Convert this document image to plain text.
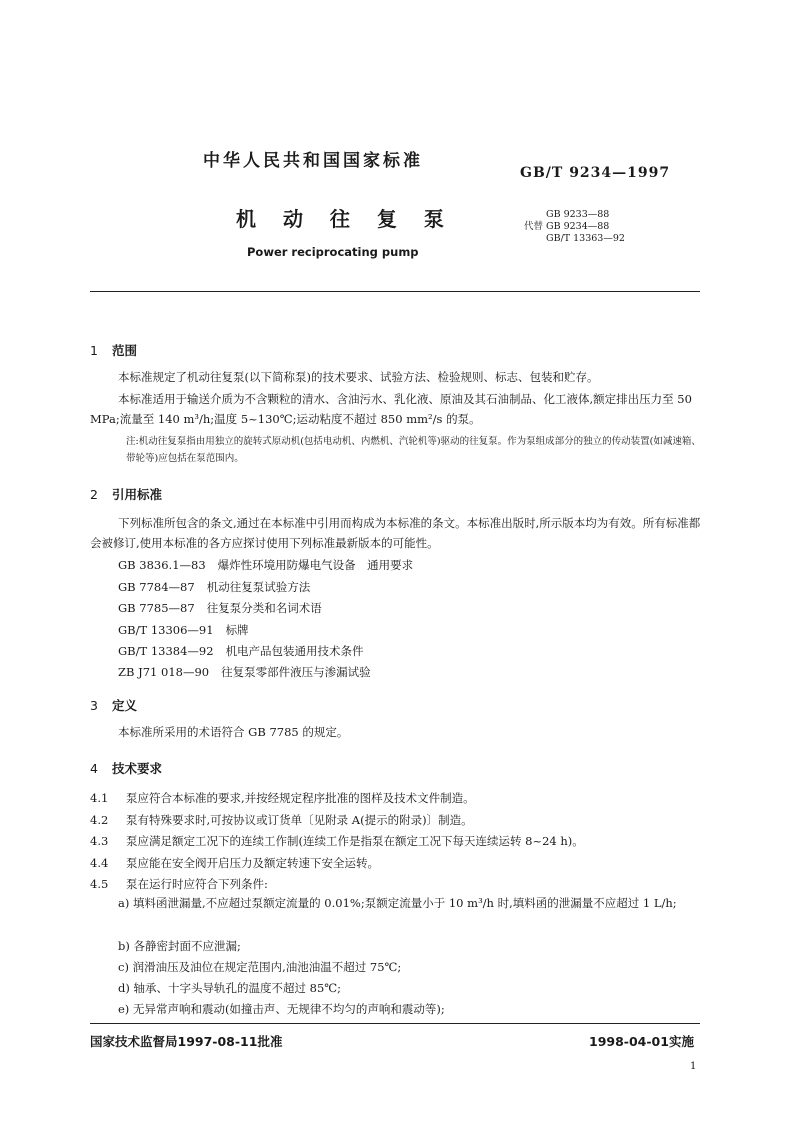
中华人民共和国国家标准
GB/T 9234—1997
机 动 往 复 泵	GB 9233—88
代替 GB 9234—88
GB/T 13363—92
Power reciprocating pump
1 范围
本标准规定了机动往复泵(以下简称泵)的技术要求、试验方法、检验规则、标志、包装和贮存。
本标准适用于输送介质为不含颗粒的清水、含油污水、乳化液、原油及其石油制品、化工液体,额定排出压力至 50 MPa;流量至 140 m³/h;温度 5~130℃;运动粘度不超过 850 mm²/s 的泵。
注:机动往复泵指由用独立的旋转式原动机(包括电动机、内燃机、汽轮机等)驱动的往复泵。作为泵组成部分的独立的传动装置(如减速箱、带轮等)应包括在泵范围内。
2 引用标准
下列标准所包含的条文,通过在本标准中引用而构成为本标准的条文。本标准出版时,所示版本均为有效。所有标准都会被修订,使用本标准的各方应探讨使用下列标准最新版本的可能性。
GB 3836.1—83 爆炸性环境用防爆电气设备　通用要求
GB 7784—87 机动往复泵试验方法
GB 7785—87 往复泵分类和名词术语
GB/T 13306—91 标牌
GB/T 13384—92 机电产品包装通用技术条件
ZB J71 018—90 往复泵零部件液压与渗漏试验
3 定义
本标准所采用的术语符合 GB 7785 的规定。
4 技术要求
4.1 泵应符合本标准的要求,并按经规定程序批准的图样及技术文件制造。
4.2 泵有特殊要求时,可按协议或订货单〔见附录 A(提示的附录)〕制造。
4.3 泵应满足额定工况下的连续工作制(连续工作是指泵在额定工况下每天连续运转 8~24 h)。
4.4 泵应能在安全阀开启压力及额定转速下安全运转。
4.5 泵在运行时应符合下列条件:
a) 填料函泄漏量,不应超过泵额定流量的 0.01%;泵额定流量小于 10 m³/h 时,填料函的泄漏量不应超过 1 L/h;
b) 各静密封面不应泄漏;
c) 润滑油压及油位在规定范围内,油池油温不超过 75℃;
d) 轴承、十字头导轨孔的温度不超过 85℃;
e) 无异常声响和震动(如撞击声、无规律不均匀的声响和震动等);
国家技术监督局1997-08-11批准	1998-04-01实施
1
